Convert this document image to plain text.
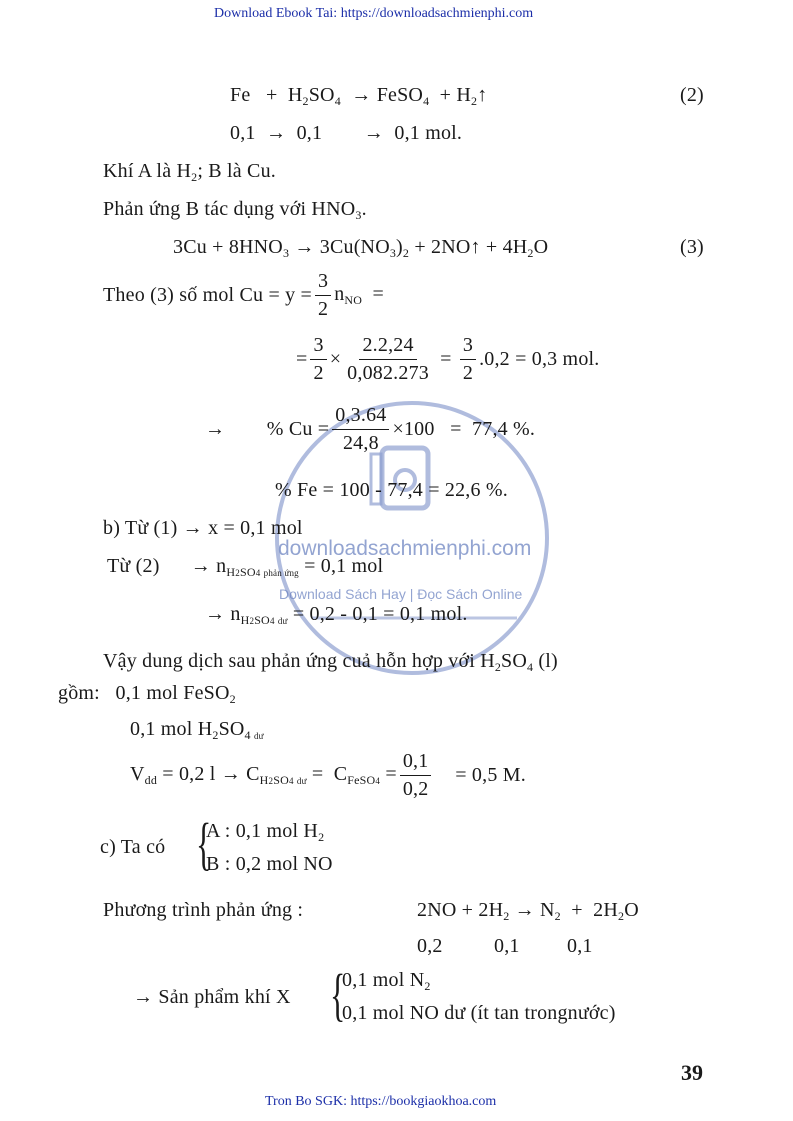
Download Ebook Tai: https://downloadsachmienphi.com
downloadsachmienphi.com
Download Sách Hay | Đọc Sách Online
$Fe + H_2SO_4$  → FeSO$_4$  + $H_2↑$	(2)
0,1  →  0,1        →  0,1 mol.
Khí A là $H_2$; B là Cu.
Phản ứng B tác dụng với $HNO_3$.
$3Cu + 8HNO_3 \to 3Cu(NO_3)_2$ + 2NO↑ + $4H_2O$	(3)
Theo (3) số mol $Cu = y = \frac{3}{2} n_{NO}$  =
= $\frac{3}{2} \times \frac{2.2,24}{0,082.273} = \frac{3}{2} .0,2 = 0,3$ mol.
→        % $Cu = \frac{0,3.64}{24,8} \times 100 = 77,4$ %.
% Fe = 100 - 77,4 = 22,6 %.
b) Từ (1) → x = 0,1 mol
Từ (2)      → $n_{H2SO4 phản ứng} = 0,1$ mol
→ $n_{H2SO4 dư} = 0,2 - 0,1 = 0,1$ mol.
Vậy dung dịch sau phản ứng cuả hỗn hợp với $H_2SO_4$ (l)
gồm: 0,1 mol FeSO$_2$
0,1 mol $H_2SO_{4 dư}$
$V_{dd} = 0,2$ $l \to C_{H2SO4 dư} = C_{FeSO4} = \frac{0,1}{0,2} = 0,5$ M.
c) Ta có {
A : 0,1 mol $H_2$
B : 0,2 mol NO
Phương trình phản ứng :	$2NO + 2H_2 \to N_2 + 2H_2O$
0,2	0,1 0,1
→ Sản phẩm khí X {
0,1 mol $N_2$
0,1 mol NO dư (ít tan trongnước)
39
Tron Bo SGK: https://bookgiaokhoa.com
